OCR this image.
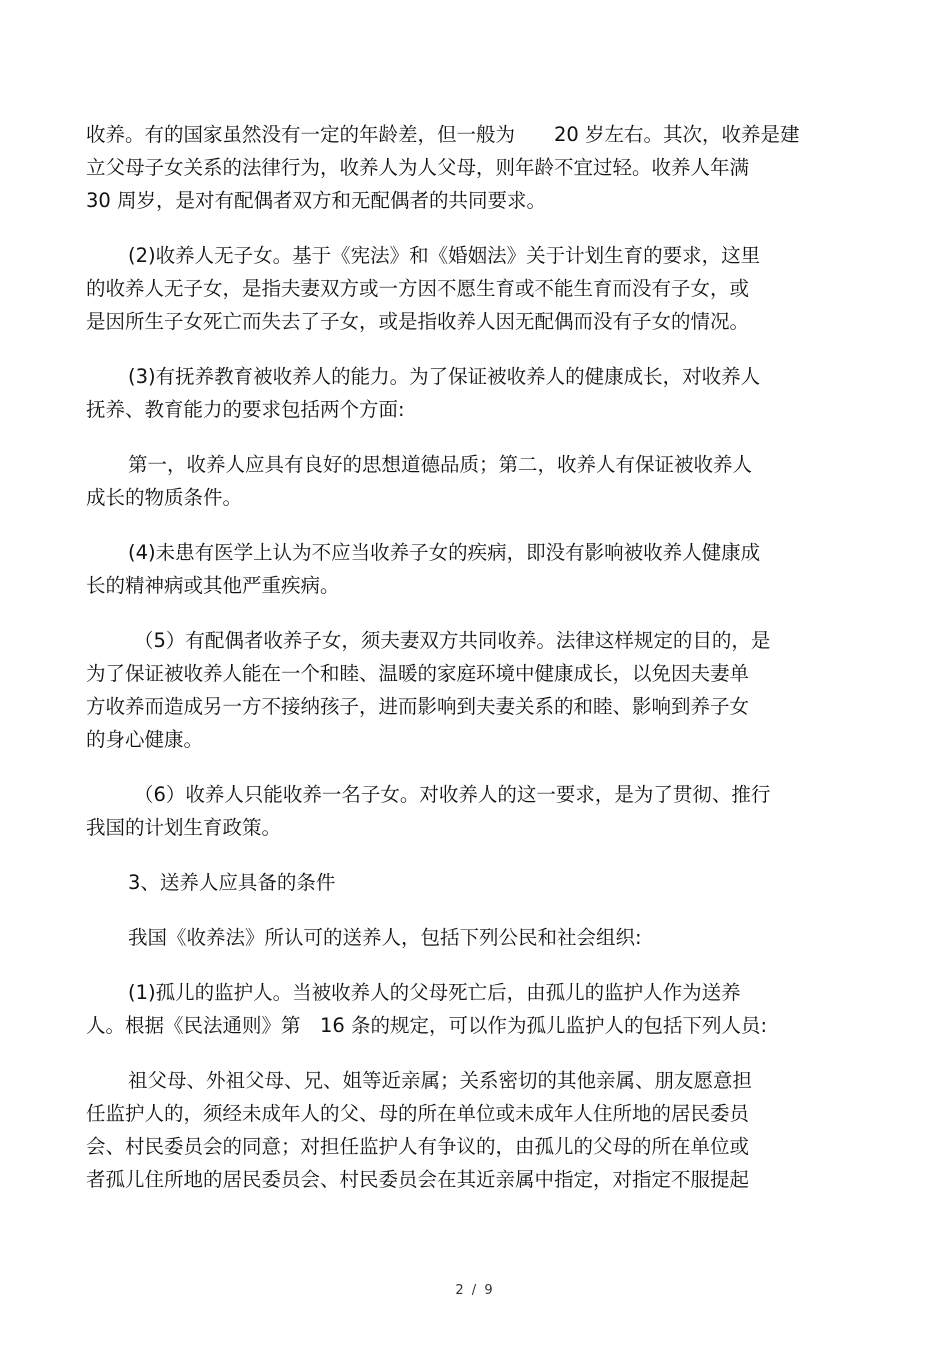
收养。有的国家虽然没有一定的年龄差，但一般为　　20 岁左右。其次，收养是建
立父母子女关系的法律行为，收养人为人父母，则年龄不宜过轻。收养人年满
30 周岁，是对有配偶者双方和无配偶者的共同要求。

(2)收养人无子女。基于《宪法》和《婚姻法》关于计划生育的要求，这里
的收养人无子女，是指夫妻双方或一方因不愿生育或不能生育而没有子女，或
是因所生子女死亡而失去了子女，或是指收养人因无配偶而没有子女的情况。

(3)有抚养教育被收养人的能力。为了保证被收养人的健康成长，对收养人
抚养、教育能力的要求包括两个方面:

第一，收养人应具有良好的思想道德品质；第二，收养人有保证被收养人
成长的物质条件。

(4)未患有医学上认为不应当收养子女的疾病，即没有影响被收养人健康成
长的精神病或其他严重疾病。

（5）有配偶者收养子女，须夫妻双方共同收养。法律这样规定的目的，是
为了保证被收养人能在一个和睦、温暖的家庭环境中健康成长，以免因夫妻单
方收养而造成另一方不接纳孩子，进而影响到夫妻关系的和睦、影响到养子女
的身心健康。

（6）收养人只能收养一名子女。对收养人的这一要求，是为了贯彻、推行
我国的计划生育政策。

3、送养人应具备的条件

我国《收养法》所认可的送养人，包括下列公民和社会组织:

(1)孤儿的监护人。当被收养人的父母死亡后，由孤儿的监护人作为送养
人。根据《民法通则》第　16 条的规定，可以作为孤儿监护人的包括下列人员:

祖父母、外祖父母、兄、姐等近亲属；关系密切的其他亲属、朋友愿意担
任监护人的，须经未成年人的父、母的所在单位或未成年人住所地的居民委员
会、村民委员会的同意；对担任监护人有争议的，由孤儿的父母的所在单位或
者孤儿住所地的居民委员会、村民委员会在其近亲属中指定，对指定不服提起

2 / 9
